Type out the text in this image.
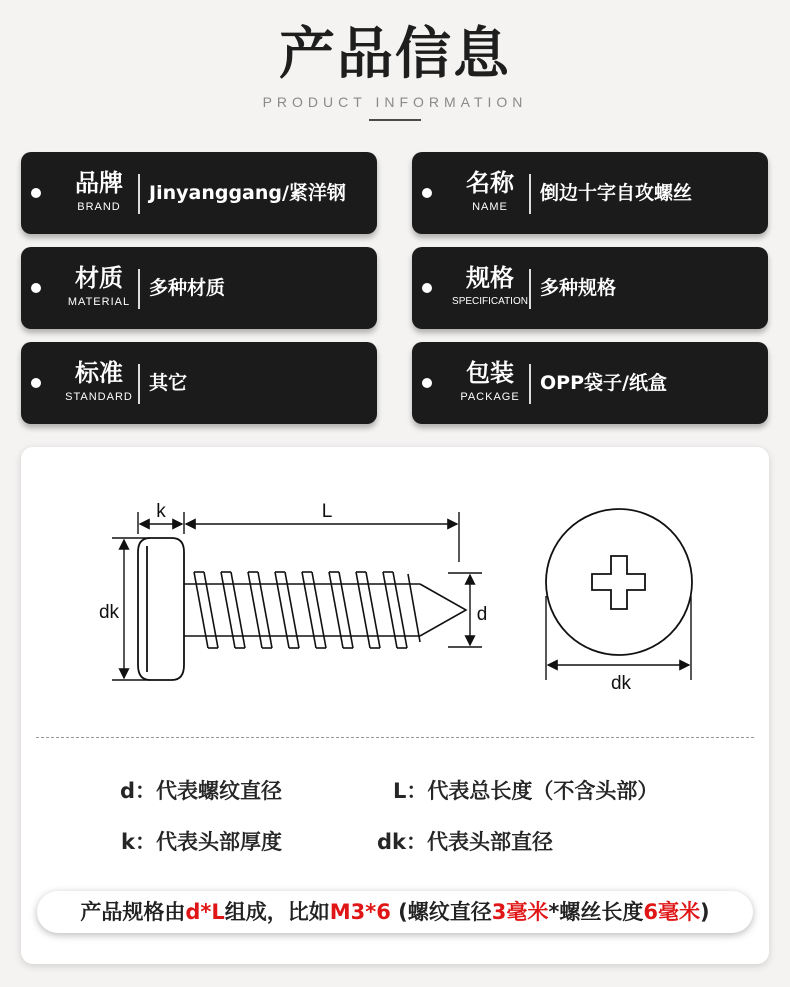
产品信息
PRODUCT INFORMATION
品牌
BRAND
Jinyanggang/紧洋钢	名称
NAME
倒边十字自攻螺丝
材质
MATERIAL
多种材质	规格
SPECIFICATION
多种规格
标准
STANDARD
其它	包装
PACKAGE
OPP袋子/纸盒
k	L
dk	d
dk
d：代表螺纹直径	L：代表总长度（不含头部）
k：代表头部厚度	dk：代表头部直径
产品规格由d*L组成，比如M3*6 (螺纹直径3毫米*螺丝长度6毫米)
